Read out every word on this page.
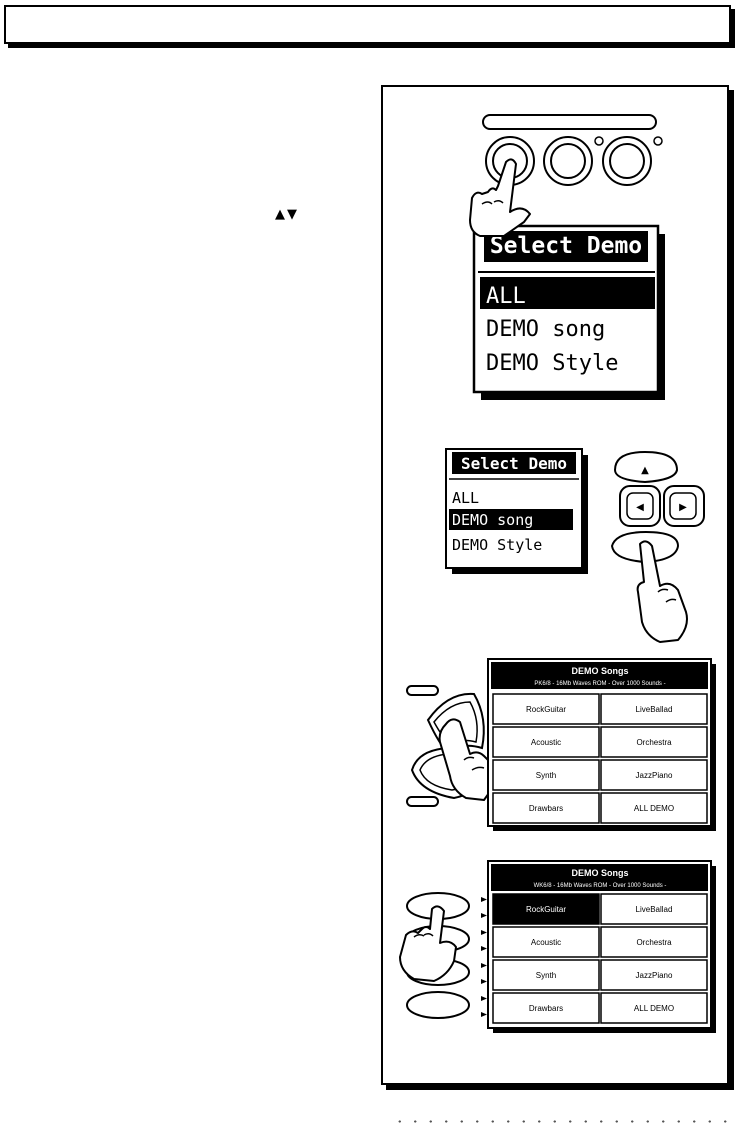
▲▼
Select Demo
ALL
DEMO song
DEMO Style
Select Demo
ALL
DEMO song
DEMO Style
▲
◀	▶
DEMO Songs
PK6/8 - 16Mb Waves ROM - Over 1000 Sounds -
RockGuitar	LiveBallad
Acoustic	Orchestra
Synth	JazzPiano
Drawbars	ALL DEMO
DEMO Songs
WK6/8 - 16Mb Waves ROM - Over 1000 Sounds -
RockGuitar	LiveBallad
Acoustic	Orchestra
Synth	JazzPiano
Drawbars	ALL DEMO
